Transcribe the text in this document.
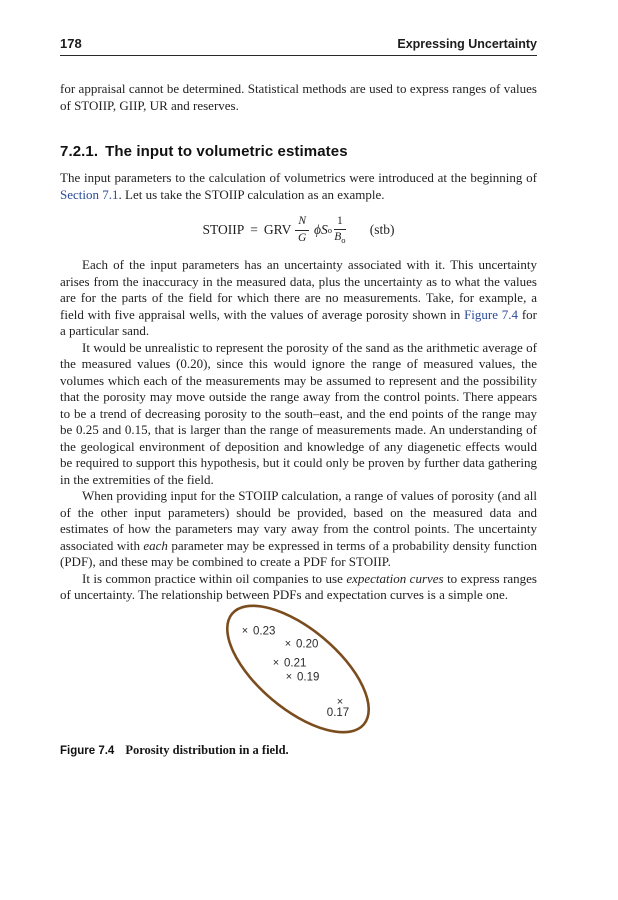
178	Expressing Uncertainty

for appraisal cannot be determined. Statistical methods are used to express ranges of values of STOIIP, GIIP, UR and reserves.

7.2.1. The input to volumetric estimates

The input parameters to the calculation of volumetrics were introduced at the beginning of Section 7.1. Let us take the STOIIP calculation as an example.

STOIIP = GRV $\frac{N}{G}$ ϕ S o $\frac{1}{B_o} (stb)$

Each of the input parameters has an uncertainty associated with it. This uncertainty arises from the inaccuracy in the measured data, plus the uncertainty as to what the values are for the parts of the field for which there are no measurements. Take, for example, a field with five appraisal wells, with the values of average porosity shown in Figure 7.4 for a particular sand.

It would be unrealistic to represent the porosity of the sand as the arithmetic average of the measured values (0.20), since this would ignore the range of measured values, the volumes which each of the measurements may be assumed to represent and the possibility that the porosity may move outside the range away from the control points. There appears to be a trend of decreasing porosity to the south–east, and the end points of the range may be 0.25 and 0.15, that is larger than the range of measurements made. An understanding of the geological environment of deposition and knowledge of any diagenetic effects would be required to support this hypothesis, but it could only be proven by further data gathering in the extremities of the field.

When providing input for the STOIIP calculation, a range of values of porosity (and all of the other input parameters) should be provided, based on the measured data and estimates of how the parameters may vary away from the control points. The uncertainty associated with each parameter may be expressed in terms of a probability density function (PDF), and these may be combined to create a PDF for STOIIP.

It is common practice within oil companies to use expectation curves to express ranges of uncertainty. The relationship between PDFs and expectation curves is a simple one.

× 0.23
× 0.20
× 0.21
× 0.19
×
0.17
Figure 7.4 Porosity distribution in a field.
